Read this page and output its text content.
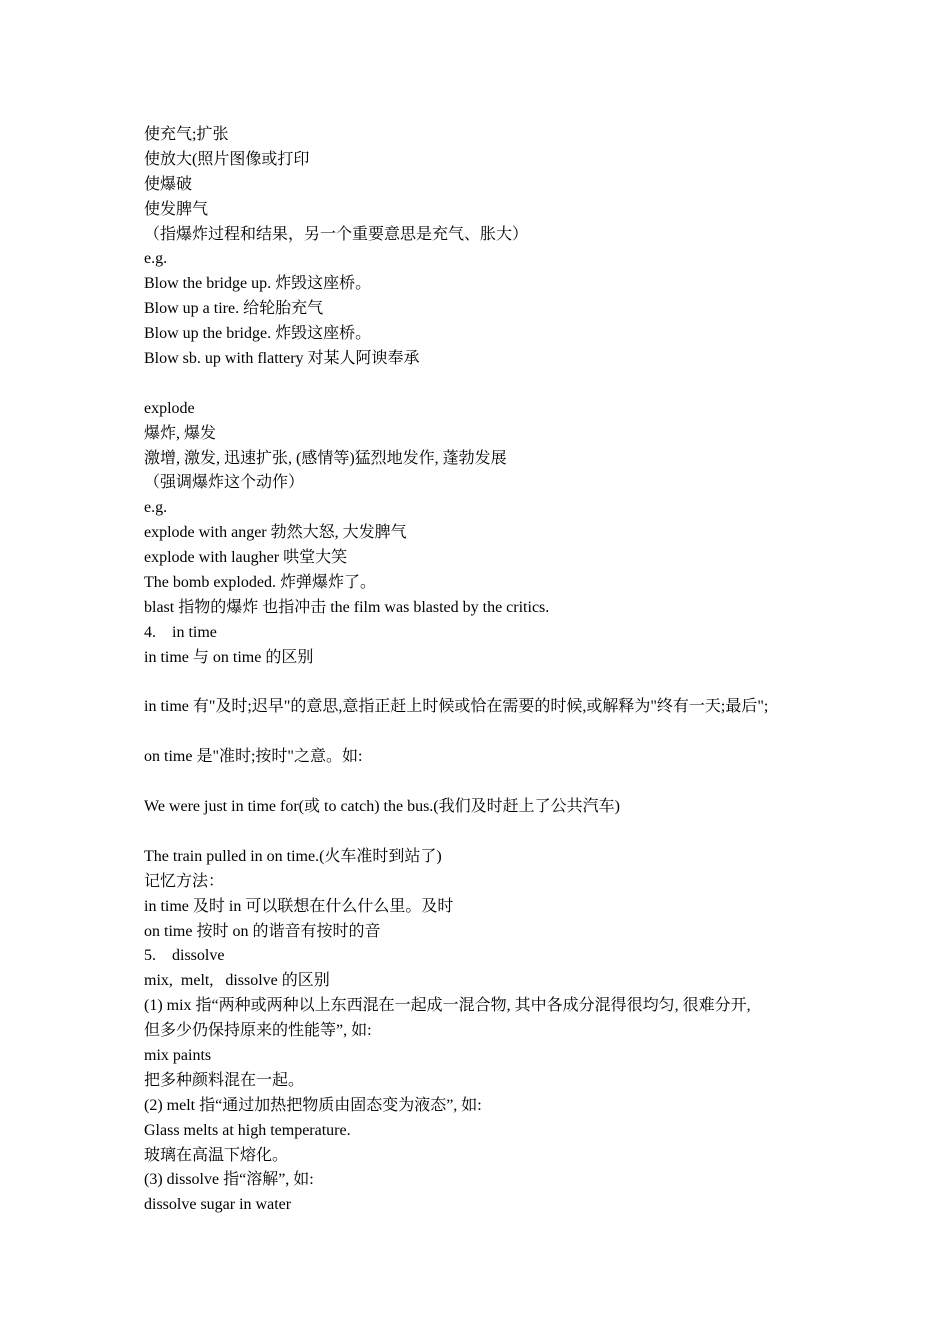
使充气;扩张
使放大(照片图像或打印
使爆破
使发脾气
（指爆炸过程和结果，另一个重要意思是充气、胀大）
e.g.
Blow the bridge up. 炸毁这座桥。
Blow up a tire. 给轮胎充气
Blow up the bridge. 炸毁这座桥。
Blow sb. up with flattery 对某人阿谀奉承
explode
爆炸, 爆发
激增, 激发, 迅速扩张, (感情等)猛烈地发作, 蓬勃发展
（强调爆炸这个动作）
e.g.
explode with anger 勃然大怒, 大发脾气
explode with laugher 哄堂大笑
The bomb exploded. 炸弹爆炸了。
blast 指物的爆炸 也指冲击 the film was blasted by the critics.
4.    in time
in time 与 on time 的区别
in time 有"及时;迟早"的意思,意指正赶上时候或恰在需要的时候,或解释为"终有一天;最后";
on time 是"准时;按时"之意。如:
We were just in time for(或 to catch) the bus.(我们及时赶上了公共汽车)
The train pulled in on time.(火车准时到站了)
记忆方法：
in time 及时 in 可以联想在什么什么里。及时
on time 按时 on 的谐音有按时的音
5.    dissolve
mix,  melt,   dissolve 的区别
(1) mix 指“两种或两种以上东西混在一起成一混合物, 其中各成分混得很均匀, 很难分开,
但多少仍保持原来的性能等”, 如:
mix paints
把多种颜料混在一起。
(2) melt 指“通过加热把物质由固态变为液态”, 如:
Glass melts at high temperature.
玻璃在高温下熔化。
(3) dissolve 指“溶解”, 如:
dissolve sugar in water
